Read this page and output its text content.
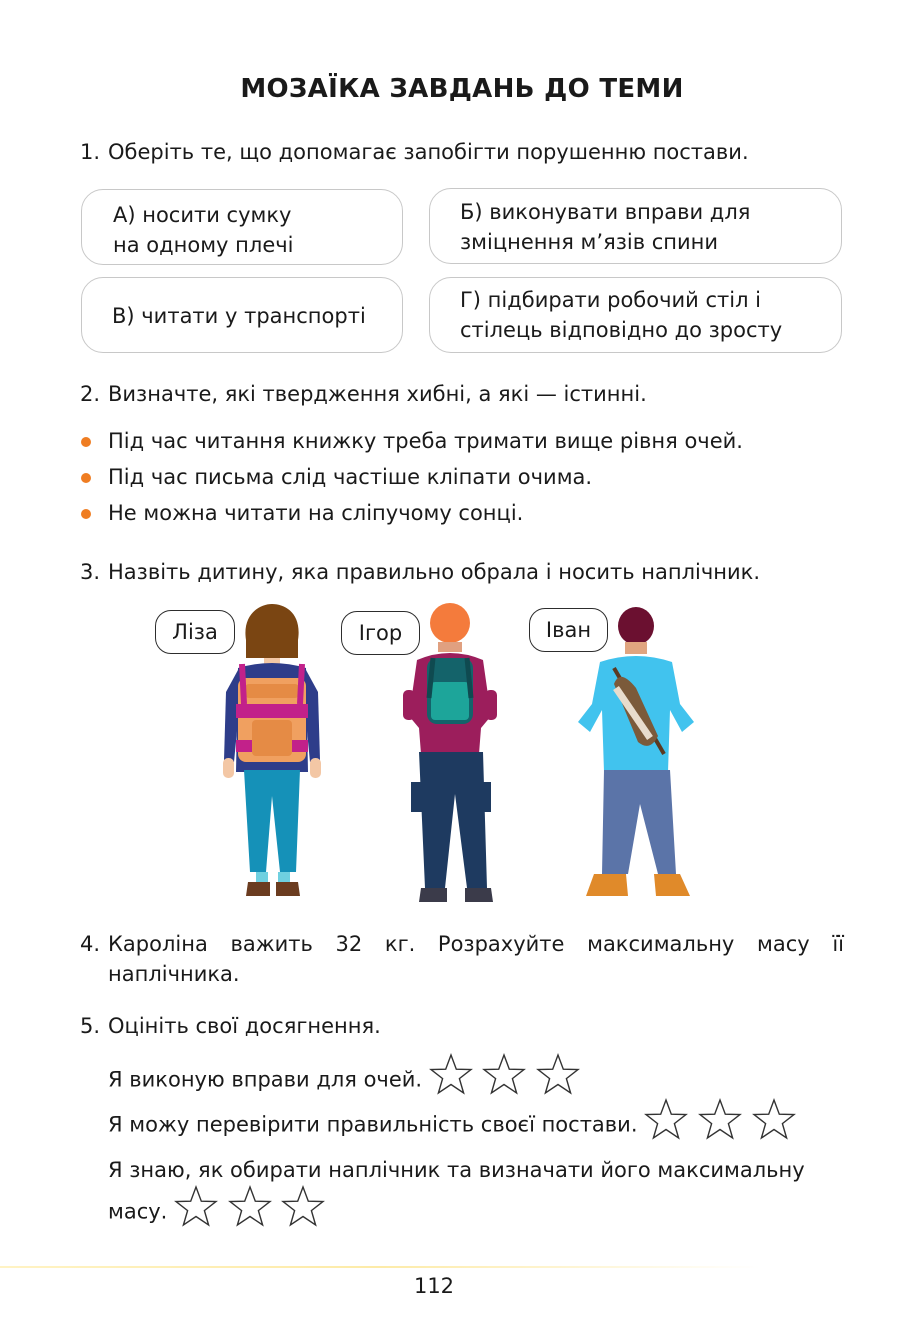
МОЗАЇКА ЗАВДАНЬ ДО ТЕМИ
1. Оберіть те, що допомагає запобігти порушенню постави.
А) носити сумку
на одному плечі
Б) виконувати вправи для
зміцнення м’язів спини
В) читати у транспорті
Г) підбирати робочий стіл і
стілець відповідно до зросту
2. Визначте, які твердження хибні, а які — істинні.
Під час читання книжку треба тримати вище рівня очей.
Під час письма слід частіше кліпати очима.
Не можна читати на сліпучому сонці.
3. Назвіть дитину, яка правильно обрала і носить наплічник.
Ліза	Ігор	Іван
4. Кароліна важить 32 кг. Розрахуйте максимальну масу її
наплічника.
5. Оцініть свої досягнення.
Я виконую вправи для очей.
Я можу перевірити правильність своєї постави.
Я знаю, як обирати наплічник та визначати його максимальну
масу.
112
